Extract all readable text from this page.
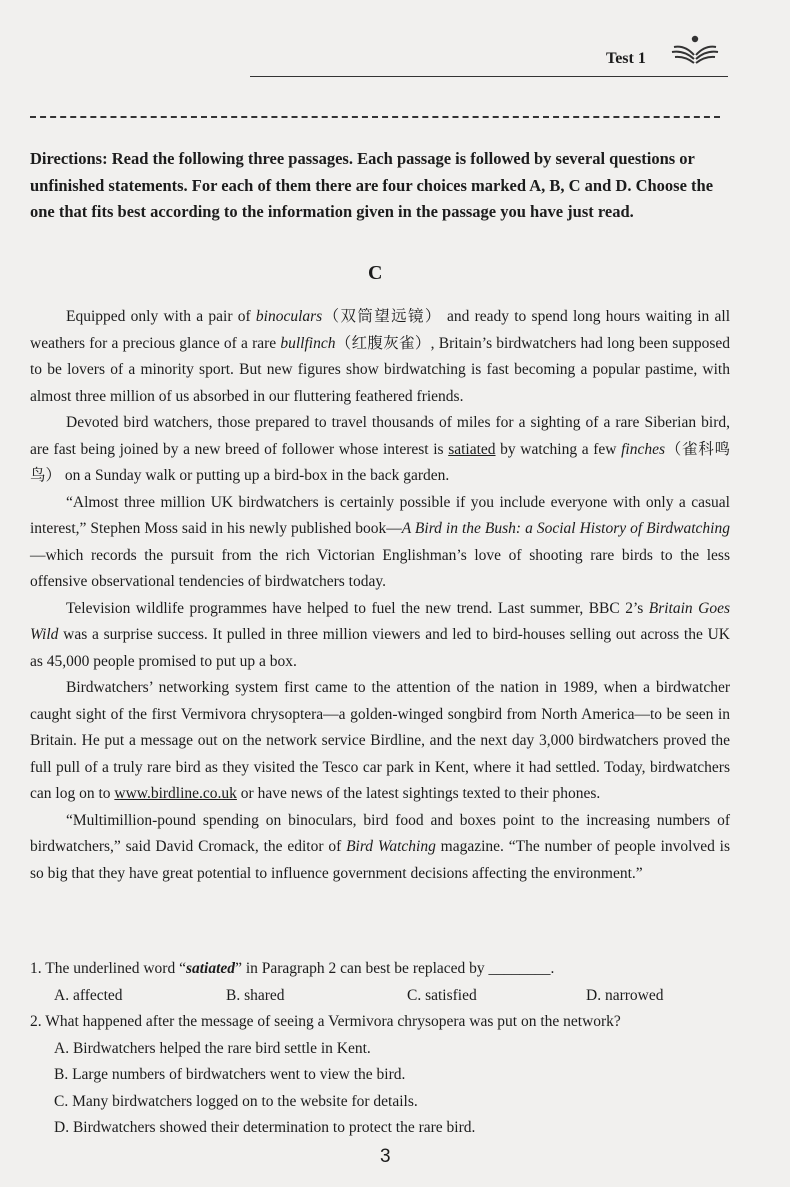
Test 1
Directions: Read the following three passages. Each passage is followed by several questions or unfinished statements. For each of them there are four choices marked A, B, C and D. Choose the one that fits best according to the information given in the passage you have just read.
C

Equipped only with a pair of binoculars（双筒望远镜） and ready to spend long hours waiting in all weathers for a precious glance of a rare bullfinch（红腹灰雀）, Britain’s birdwatchers had long been supposed to be lovers of a minority sport. But new figures show birdwatching is fast becoming a popular pastime, with almost three million of us absorbed in our fluttering feathered friends.

Devoted bird watchers, those prepared to travel thousands of miles for a sighting of a rare Siberian bird, are fast being joined by a new breed of follower whose interest is satiated by watching a few finches（雀科鸣鸟） on a Sunday walk or putting up a bird-box in the back garden.

“Almost three million UK birdwatchers is certainly possible if you include everyone with only a casual interest,” Stephen Moss said in his newly published book—A Bird in the Bush: a Social History of Birdwatching—which records the pursuit from the rich Victorian Englishman’s love of shooting rare birds to the less offensive observational tendencies of birdwatchers today.

Television wildlife programmes have helped to fuel the new trend. Last summer, BBC 2’s Britain Goes Wild was a surprise success. It pulled in three million viewers and led to bird-houses selling out across the UK as 45,000 people promised to put up a box.

Birdwatchers’ networking system first came to the attention of the nation in 1989, when a birdwatcher caught sight of the first Vermivora chrysoptera—a golden-winged songbird from North America—to be seen in Britain. He put a message out on the network service Birdline, and the next day 3,000 birdwatchers proved the full pull of a truly rare bird as they visited the Tesco car park in Kent, where it had settled. Today, birdwatchers can log on to www.birdline.co.uk or have news of the latest sightings texted to their phones.

“Multimillion-pound spending on binoculars, bird food and boxes point to the increasing numbers of birdwatchers,” said David Cromack, the editor of Bird Watching magazine. “The number of people involved is so big that they have great potential to influence government decisions affecting the environment.”

1. The underlined word “satiated” in Paragraph 2 can best be replaced by ________.

A. affected	B. shared	C. satisfied	D. narrowed

2. What happened after the message of seeing a Vermivora chrysopera was put on the network?

A. Birdwatchers helped the rare bird settle in Kent.

B. Large numbers of birdwatchers went to view the bird.

C. Many birdwatchers logged on to the website for details.

D. Birdwatchers showed their determination to protect the rare bird.

3
